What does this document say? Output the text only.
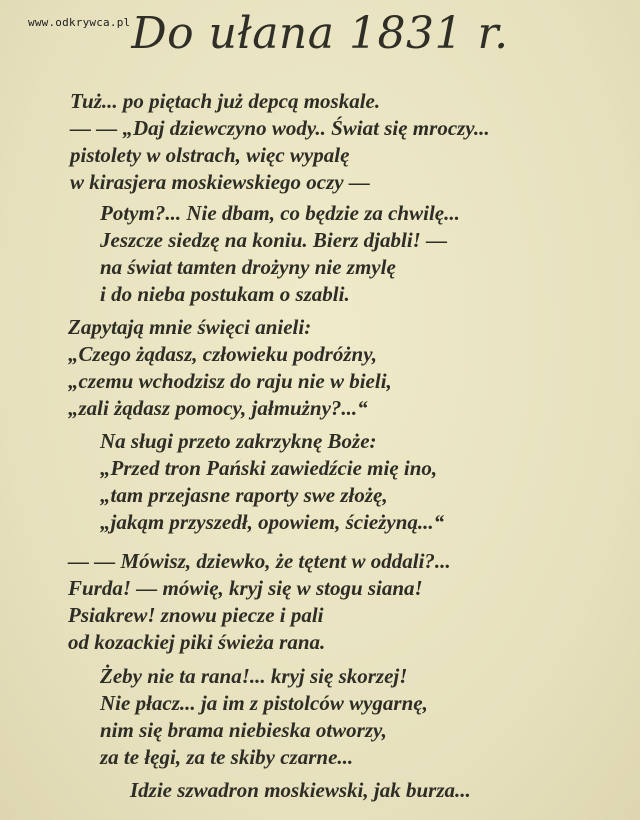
www.odkrywca.pl Do ułana 1831 r.
Tuż... po piętach już depcą moskale.
— — „Daj dziewczyno wody.. Świat się mroczy...
pistolety w olstrach, więc wypalę
w kirasjera moskiewskiego oczy —
Potym?... Nie dbam, co będzie za chwilę...
Jeszcze siedzę na koniu. Bierz djabli! —
na świat tamten drożyny nie zmylę
i do nieba postukam o szabli.
Zapytają mnie święci anieli:
„Czego żądasz, człowieku podróżny,
„czemu wchodzisz do raju nie w bieli,
„zali żądasz pomocy, jałmużny?...“
Na sługi przeto zakrzyknę Boże:
„Przed tron Pański zawiedźcie mię ino,
„tam przejasne raporty swe złożę,
„jakąm przyszedł, opowiem, ścieżyną...“
— — Mówisz, dziewko, że tętent w oddali?...
Furda! — mówię, kryj się w stogu siana!
Psiakrew! znowu piecze i pali
od kozackiej piki świeża rana.
Żeby nie ta rana!... kryj się skorzej!
Nie płacz... ja im z pistolców wygarnę,
nim się brama niebieska otworzy,
za te łęgi, za te skiby czarne...
Idzie szwadron moskiewski, jak burza...
